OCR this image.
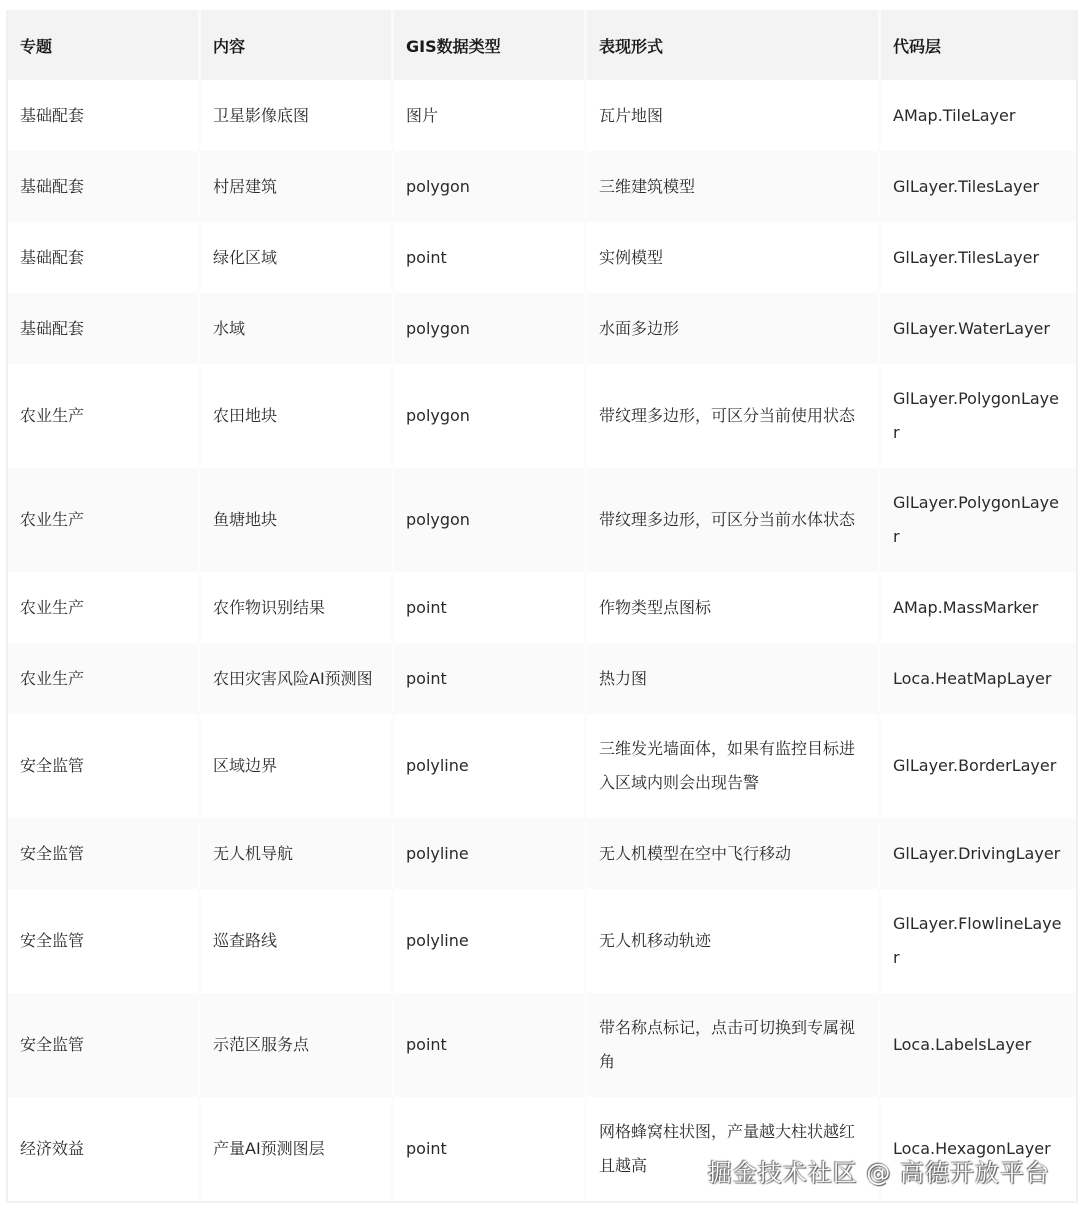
专题	内容	GIS数据类型	表现形式	代码层
基础配套	卫星影像底图	图片	瓦片地图	AMap.TileLayer
基础配套	村居建筑	polygon	三维建筑模型	GlLayer.TilesLayer
基础配套	绿化区域	point	实例模型	GlLayer.TilesLayer
基础配套	水域	polygon	水面多边形	GlLayer.WaterLayer
农业生产	农田地块	polygon	带纹理多边形，可区分当前使用状态	GlLayer.PolygonLayer
农业生产	鱼塘地块	polygon	带纹理多边形，可区分当前水体状态	GlLayer.PolygonLayer
农业生产	农作物识别结果	point	作物类型点图标	AMap.MassMarker
农业生产	农田灾害风险AI预测图	point	热力图	Loca.HeatMapLayer
安全监管	区域边界	polyline	三维发光墙面体，如果有监控目标进入区域内则会出现告警	GlLayer.BorderLayer
安全监管	无人机导航	polyline	无人机模型在空中飞行移动	GlLayer.DrivingLayer
安全监管	巡查路线	polyline	无人机移动轨迹	GlLayer.FlowlineLayer
安全监管	示范区服务点	point	带名称点标记，点击可切换到专属视角	Loca.LabelsLayer
经济效益	产量AI预测图层	point	网格蜂窝柱状图，产量越大柱状越红且越高	Loca.HexagonLayer
掘金技术社区 @ 高德开放平台
